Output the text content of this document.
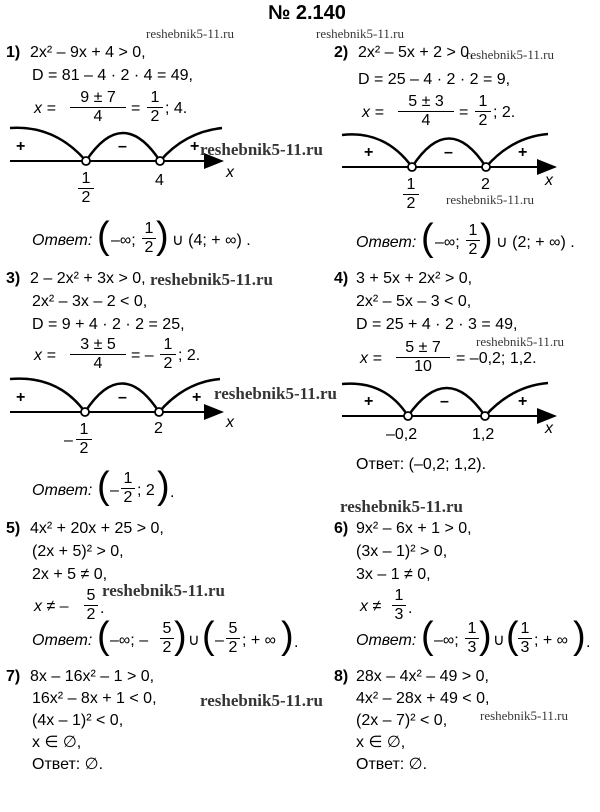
№ 2.140
1) 2x² – 9x + 4 > 0,
D = 81 – 4 · 2 · 4 = 49,
$x = \frac{9 \pm 7}{4} = \frac{1}{2}$ ; 4.
+	–	+
x
$\frac{1}{2}$	4
Ответ: ( –∞; $\frac{1}{2}$ ) ∪ (4; + ∞) .
2) 2x² – 5x + 2 > 0,
D = 25 – 4 · 2 · 2 = 9,
$x = \frac{5 \pm 3}{4} = \frac{1}{2}$ ; 2.
+	–	+
x
$\frac{1}{2}$	2
Ответ: ( –∞; $\frac{1}{2}$ ) ∪ (2; + ∞) .
3) 2 – 2x² + 3x > 0,
2x² – 3x – 2 < 0,
D = 9 + 4 · 2 · 2 = 25,
$x = \frac{3 \pm 5}{4}$ = – $\frac{1}{2}$ ; 2.
+	–	+
x
– $\frac{1}{2}$	2
Ответ: ( – $\frac{1}{2}$ ; 2 ) .
4) 3 + 5x + 2x² > 0,
2x² – 5x – 3 < 0,
D = 25 + 4 · 2 · 3 = 49,
$x = \frac{5 \pm 7}{10} = -0,2$; 1,2.
+	–	+
x
–0,2	1,2
Ответ: (–0,2; 1,2).
5) 4x² + 20x + 25 > 0,
(2x + 5)² > 0,
2x + 5 ≠ 0,
x ≠ – $\frac{5}{2}$ .
Ответ: ( –∞; – $\frac{5}{2}$ ) ∪ ( – $\frac{5}{2}$ ; + ∞ ) .
6) 9x² – 6x + 1 > 0,
(3x – 1)² > 0,
3x – 1 ≠ 0,
$x \ne \frac{1}{3}$ .
Ответ: ( –∞; $\frac{1}{3}$ ) ∪ ( $\frac{1}{3}$ ; + ∞ ) .
7) 8x – 16x² – 1 > 0,
16x² – 8x + 1 < 0,
(4x – 1)² < 0,
x ∈ ∅,
Ответ: ∅.
8) 28x – 4x² – 49 > 0,
4x² – 28x + 49 < 0,
(2x – 7)² < 0,
x ∈ ∅,
Ответ: ∅.
reshebnik5-11.ru	reshebnik5-11.ru
reshebnik5-11.ru
reshebnik5-11.ru
reshebnik5-11.ru
reshebnik5-11.ru
reshebnik5-11.ru
reshebnik5-11.ru
reshebnik5-11.ru
reshebnik5-11.ru
reshebnik5-11.ru
reshebnik5-11.ru
